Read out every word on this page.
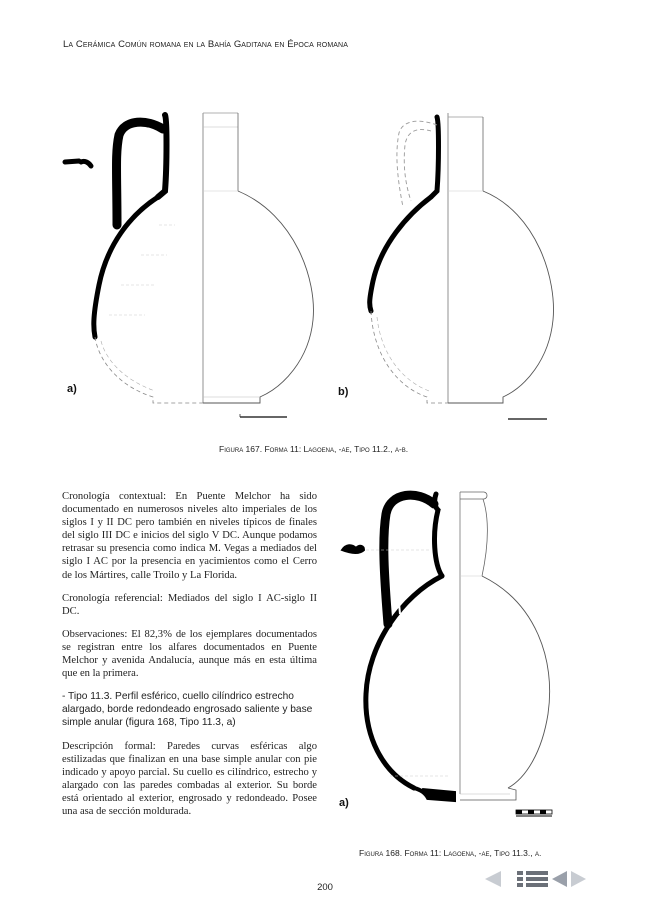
La Cerámica Común romana en la Bahía Gaditana en Época romana
a)	b)
Figura 167. Forma 11: Lagoena, -ae, Tipo 11.2., a-b.

Cronología contextual: En Puente Melchor ha sido documentado en numerosos niveles alto imperiales de los siglos I y II DC pero también en niveles típicos de finales del siglo III DC e inicios del siglo V DC. Aunque podamos retrasar su presencia como indica M. Vegas a mediados del siglo I AC por la presencia en yacimientos como el Cerro de los Mártires, calle Troilo y La Florida.

Cronología referencial: Mediados del siglo I AC-siglo II DC.

Observaciones: El 82,3% de los ejemplares documentados se registran entre los alfares documentados en Puente Melchor y avenida Andalucía, aunque más en esta última que en la primera.

- Tipo 11.3. Perfil esférico, cuello cilíndrico estrecho alargado, borde redondeado engrosado saliente y base simple anular (figura 168, Tipo 11.3, a)

Descripción formal: Paredes curvas esféricas algo estilizadas que finalizan en una base simple anular con pie indicado y apoyo parcial. Su cuello es cilíndrico, estrecho y alargado con las paredes combadas al exterior. Su borde está orientado al exterior, engrosado y redondeado. Posee una asa de sección moldurada.

a)
Figura 168. Forma 11: Lagoena, -ae, Tipo 11.3., a.
200
